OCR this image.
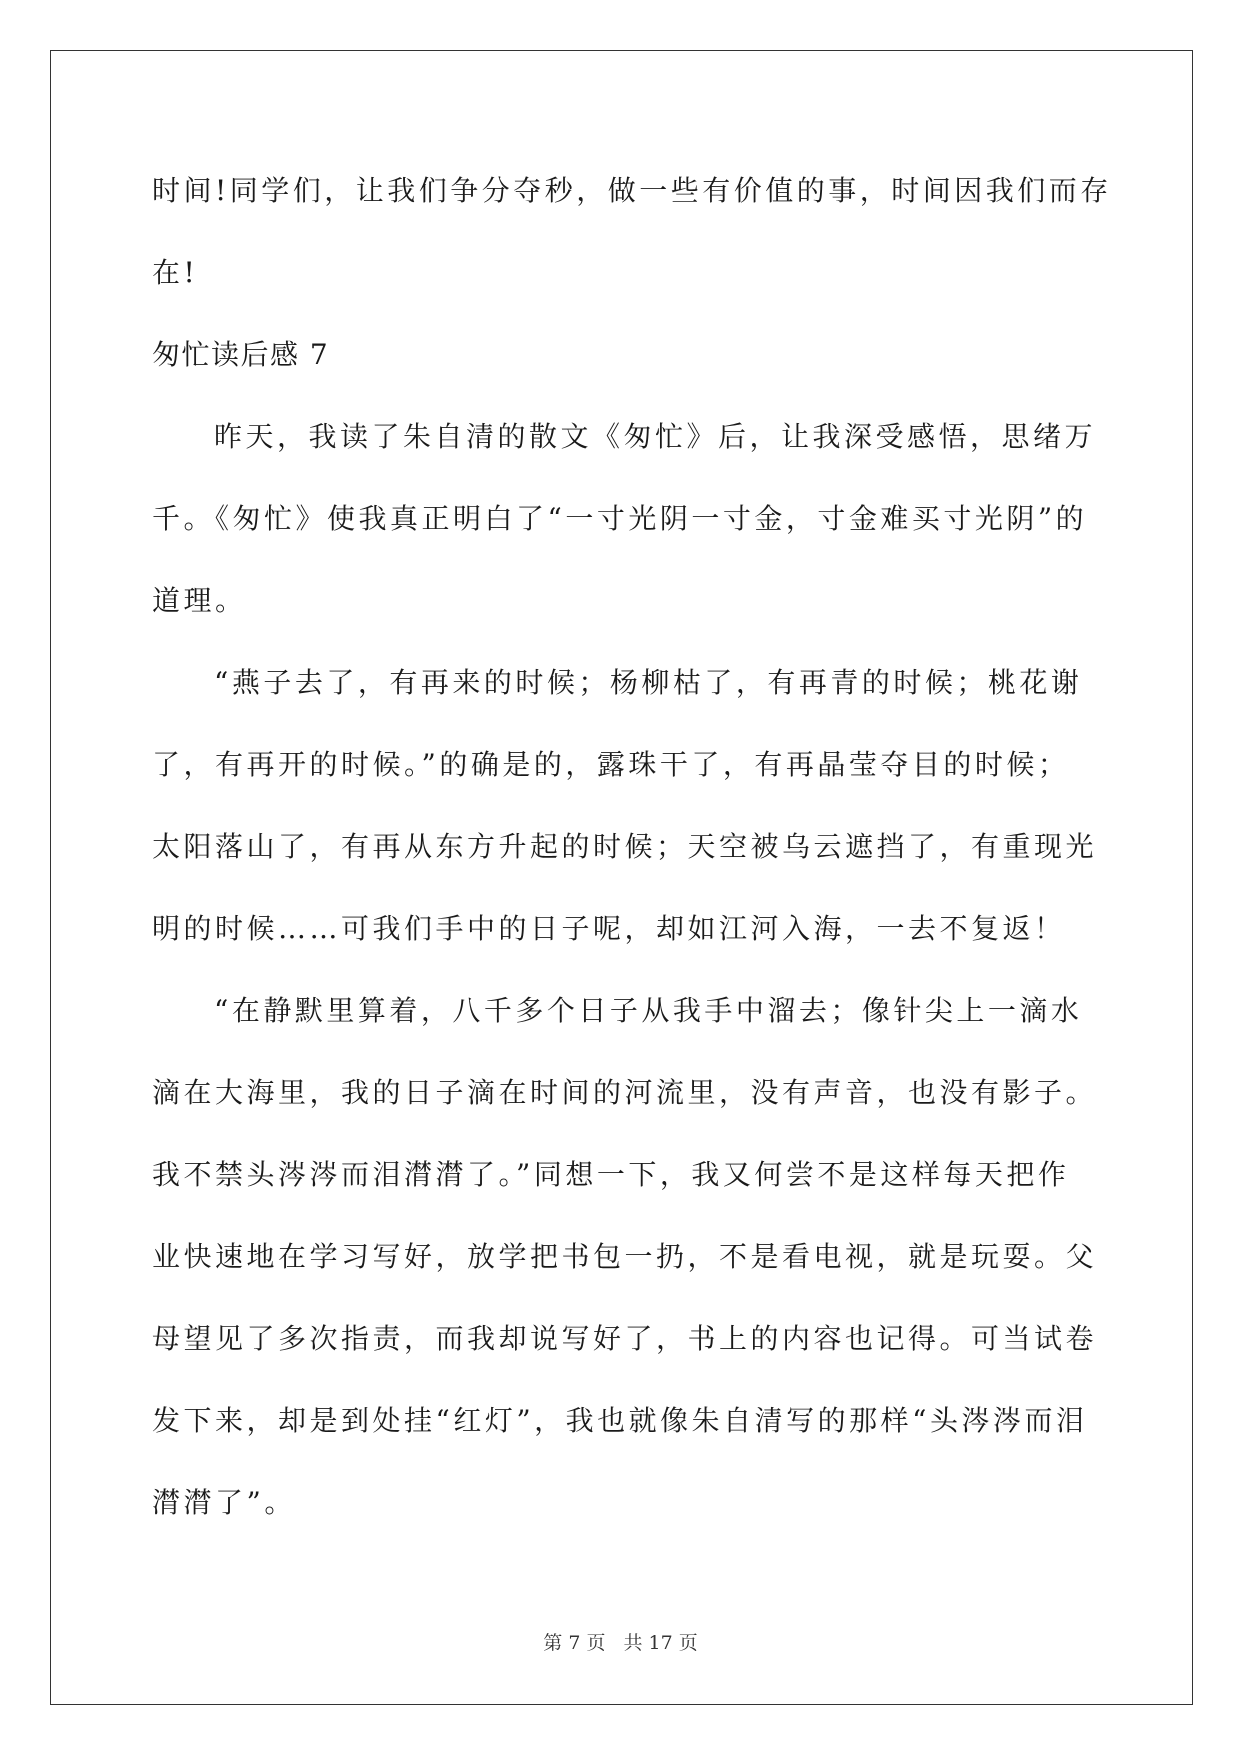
时间!同学们，让我们争分夺秒，做一些有价值的事，时间因我们而存
在!
匆忙读后感 7
昨天，我读了朱自清的散文《匆忙》后，让我深受感悟，思绪万
千。《匆忙》使我真正明白了“一寸光阴一寸金，寸金难买寸光阴”的
道理。
“燕子去了，有再来的时候；杨柳枯了，有再青的时候；桃花谢
了，有再开的时候。”的确是的，露珠干了，有再晶莹夺目的时候；
太阳落山了，有再从东方升起的时候；天空被乌云遮挡了，有重现光
明的时候……可我们手中的日子呢，却如江河入海，一去不复返！
“在静默里算着，八千多个日子从我手中溜去；像针尖上一滴水
滴在大海里，我的日子滴在时间的河流里，没有声音，也没有影子。
我不禁头涔涔而泪潸潸了。”同想一下，我又何尝不是这样每天把作
业快速地在学习写好，放学把书包一扔，不是看电视，就是玩耍。父
母望见了多次指责，而我却说写好了，书上的内容也记得。可当试卷
发下来，却是到处挂“红灯”，我也就像朱自清写的那样“头涔涔而泪
潸潸了”。
第 7 页 共 17 页
